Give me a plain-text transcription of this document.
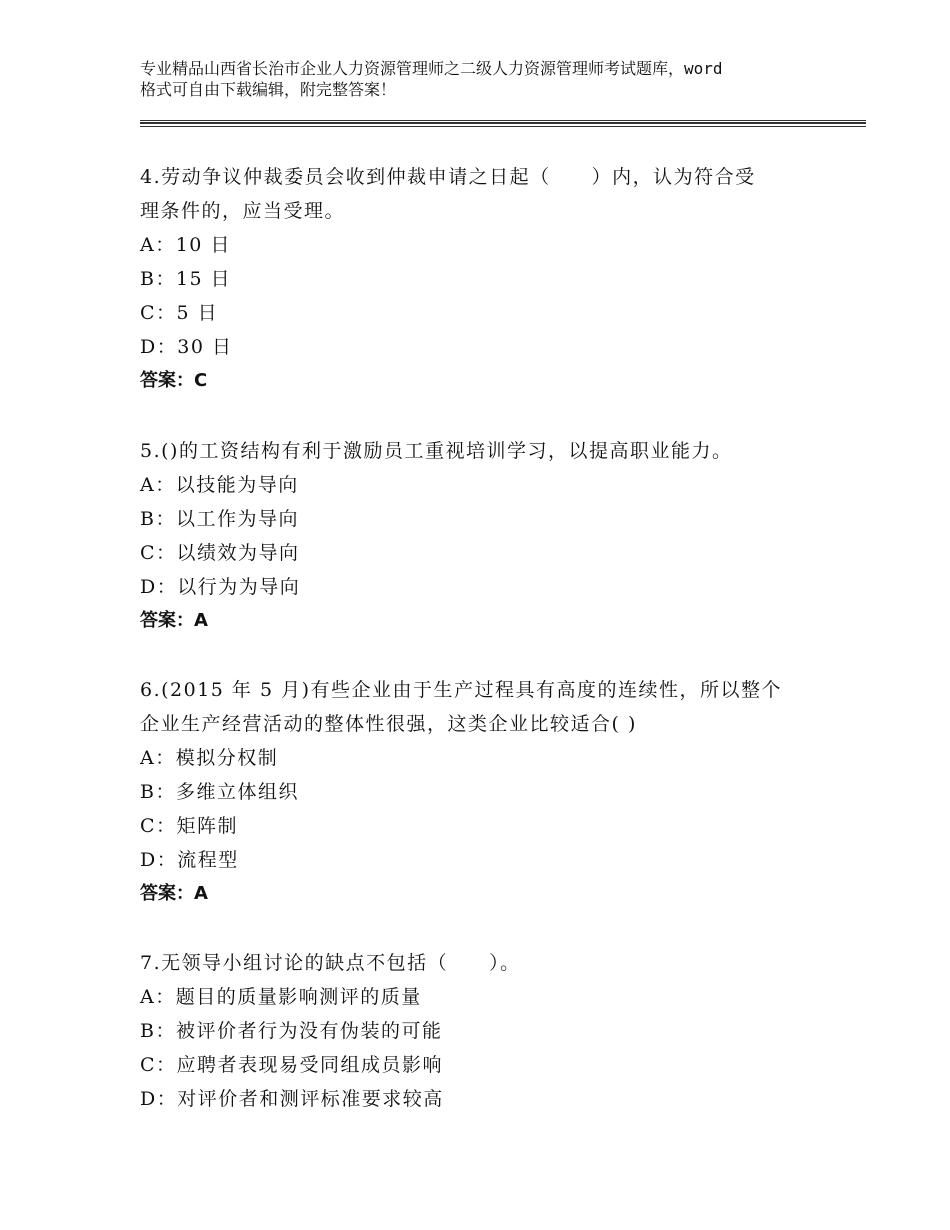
专业精品山西省长治市企业人力资源管理师之二级人力资源管理师考试题库，word
格式可自由下载编辑，附完整答案！

4.劳动争议仲裁委员会收到仲裁申请之日起（　　）内，认为符合受

理条件的，应当受理。

A：10 日

B：15 日

C：5 日

D：30 日

答案：C

5.()的工资结构有利于激励员工重视培训学习，以提高职业能力。

A：以技能为导向

B：以工作为导向

C：以绩效为导向

D：以行为为导向

答案：A

6.(2015 年 5 月)有些企业由于生产过程具有高度的连续性，所以整个

企业生产经营活动的整体性很强，这类企业比较适合( )

A：模拟分权制

B：多维立体组织

C：矩阵制

D：流程型

答案：A

7.无领导小组讨论的缺点不包括（　　）。

A：题目的质量影响测评的质量

B：被评价者行为没有伪装的可能

C：应聘者表现易受同组成员影响

D：对评价者和测评标准要求较高
